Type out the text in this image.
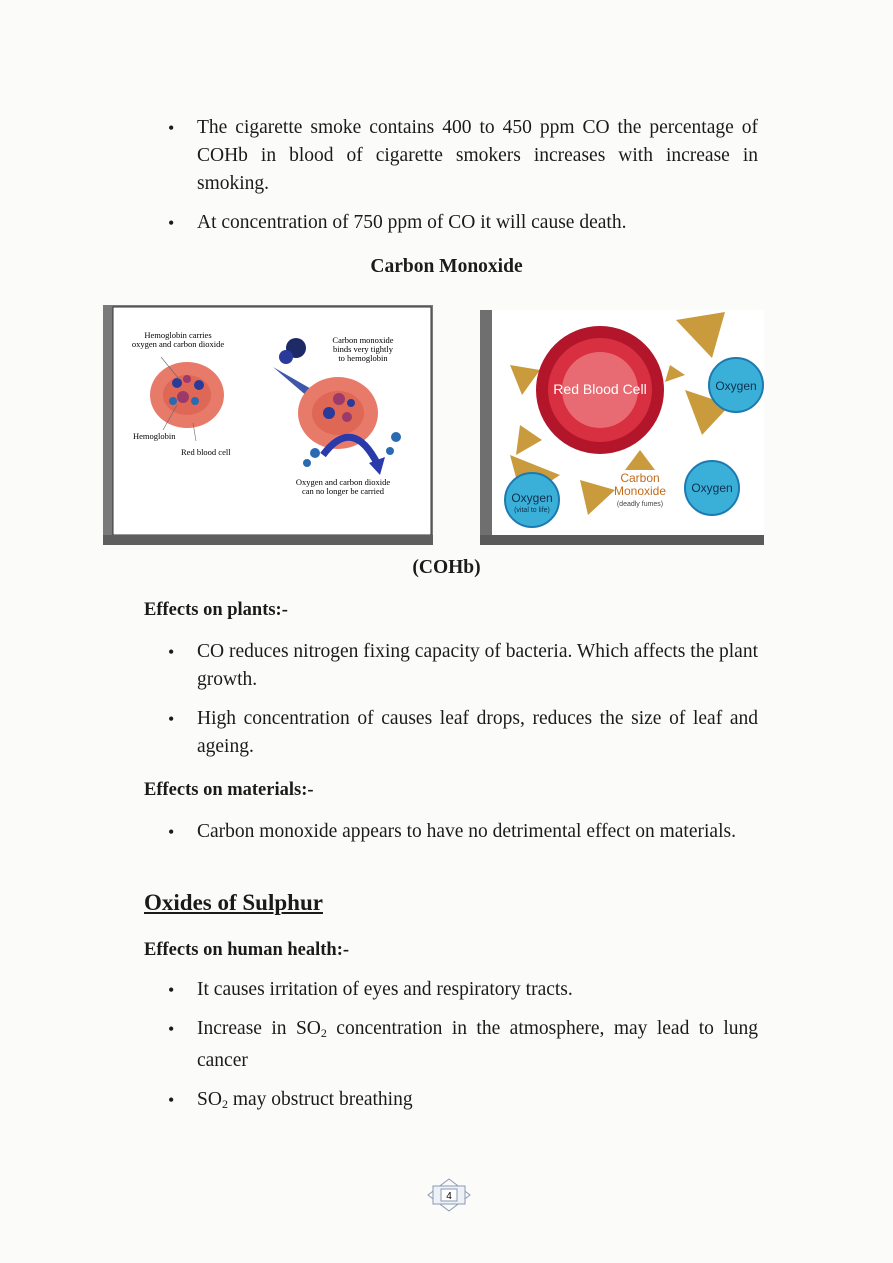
• The cigarette smoke contains 400 to 450 ppm CO the percentage of COHb in blood of cigarette smokers increases with increase in smoking.
• At concentration of 750 ppm of CO it will cause death.
Carbon Monoxide
Hemoglobin carries
oxygen and carbon dioxide
Hemoglobin
Red blood cell
Carbon monoxide
binds very tightly
to hemoglobin
Oxygen and carbon dioxide
can no longer be carried
Red Blood Cell	Oxygen
Oxygen
Oxygen
(vital to life)
Carbon
Monoxide
(deadly fumes)
(COHb)
Effects on plants:-
• CO reduces nitrogen fixing capacity of bacteria. Which affects the plant growth.
• High concentration of causes leaf drops, reduces the size of leaf and ageing.
Effects on materials:-
• Carbon monoxide appears to have no detrimental effect on materials.
Oxides of Sulphur
Effects on human health:-
• It causes irritation of eyes and respiratory tracts.
• Increase in $SO_2$ concentration in the atmosphere, may lead to lung cancer
• $SO_2$ may obstruct breathing
4
